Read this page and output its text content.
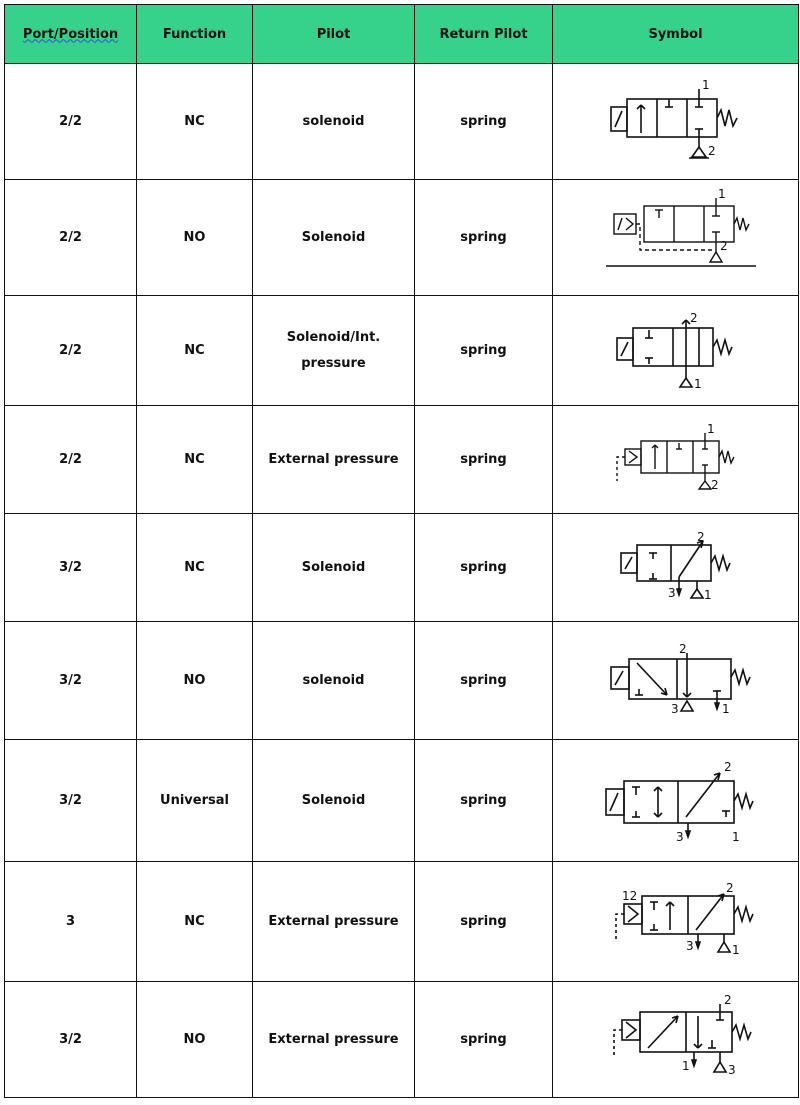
Port/Position	Function	Pilot	Return Pilot	Symbol
2/2	NC	solenoid	spring	1
2

2/2	NO	Solenoid	spring	1
2

2/2	NC	Solenoid/Int. pressure	spring	2
1

2/2	NC	External pressure	spring	1
2

3/2	NC	Solenoid	spring	2
3 1

3/2	NO	solenoid	spring	2
3 1

3/2	Universal	Solenoid	spring	2
3 1

3	NC	External pressure	spring	12
2
3 1

3/2	NO	External pressure	spring	2
1 3
